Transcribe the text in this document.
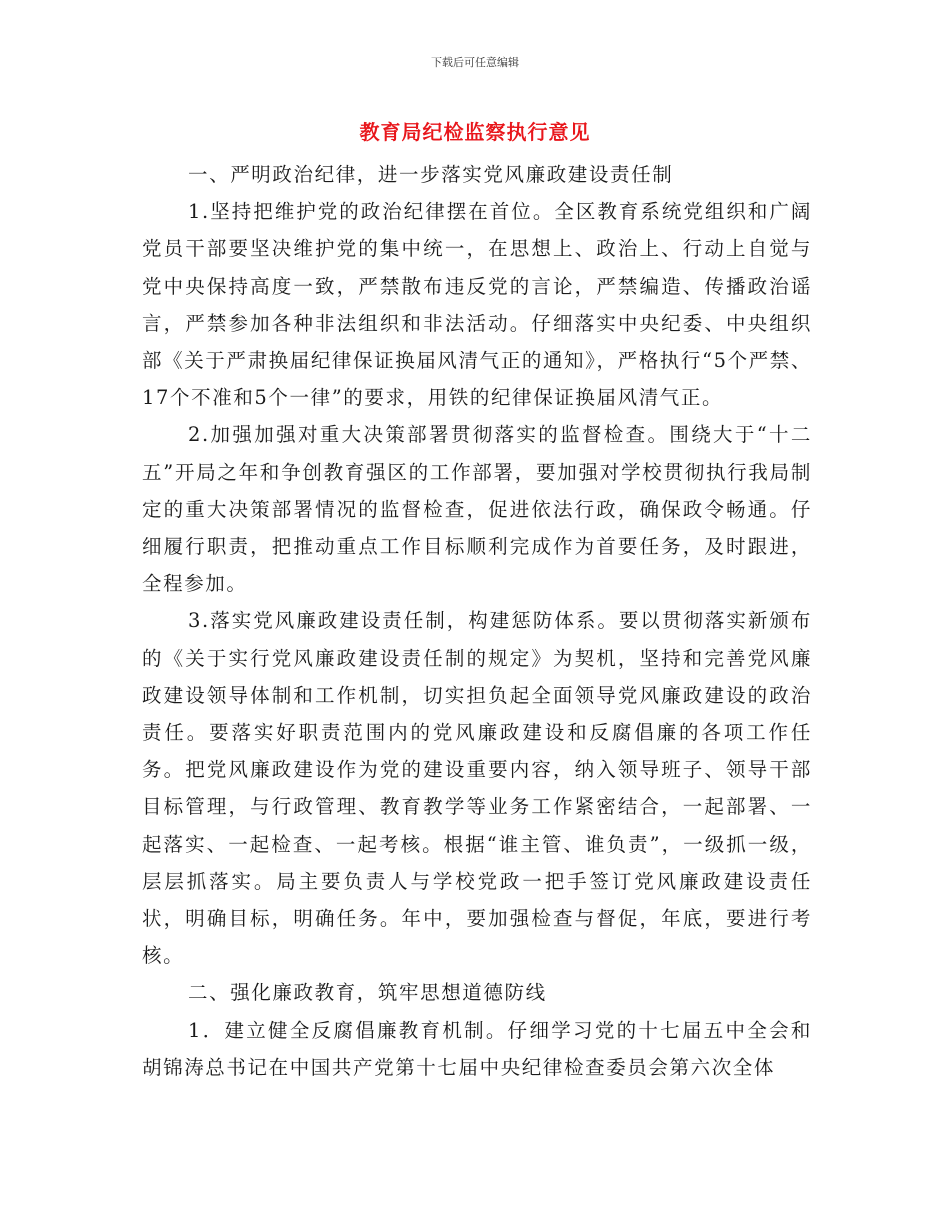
下载后可任意编辑
教育局纪检监察执行意见

一、严明政治纪律，进一步落实党风廉政建设责任制

1.坚持把维护党的政治纪律摆在首位。全区教育系统党组织和广阔党员干部要坚决维护党的集中统一，在思想上、政治上、行动上自觉与党中央保持高度一致，严禁散布违反党的言论，严禁编造、传播政治谣言，严禁参加各种非法组织和非法活动。仔细落实中央纪委、中央组织部《关于严肃换届纪律保证换届风清气正的通知》，严格执行“5个严禁、17个不准和5个一律”的要求，用铁的纪律保证换届风清气正。

2.加强加强对重大决策部署贯彻落实的监督检查。围绕大于“十二五”开局之年和争创教育强区的工作部署，要加强对学校贯彻执行我局制定的重大决策部署情况的监督检查，促进依法行政，确保政令畅通。仔细履行职责，把推动重点工作目标顺利完成作为首要任务，及时跟进，全程参加。

3.落实党风廉政建设责任制，构建惩防体系。要以贯彻落实新颁布的《关于实行党风廉政建设责任制的规定》为契机，坚持和完善党风廉政建设领导体制和工作机制，切实担负起全面领导党风廉政建设的政治责任。要落实好职责范围内的党风廉政建设和反腐倡廉的各项工作任务。把党风廉政建设作为党的建设重要内容，纳入领导班子、领导干部目标管理，与行政管理、教育教学等业务工作紧密结合，一起部署、一起落实、一起检查、一起考核。根据“谁主管、谁负责”，一级抓一级，层层抓落实。局主要负责人与学校党政一把手签订党风廉政建设责任状，明确目标，明确任务。年中，要加强检查与督促，年底，要进行考核。

二、强化廉政教育，筑牢思想道德防线

1．建立健全反腐倡廉教育机制。仔细学习党的十七届五中全会和胡锦涛总书记在中国共产党第十七届中央纪律检查委员会第六次全体
